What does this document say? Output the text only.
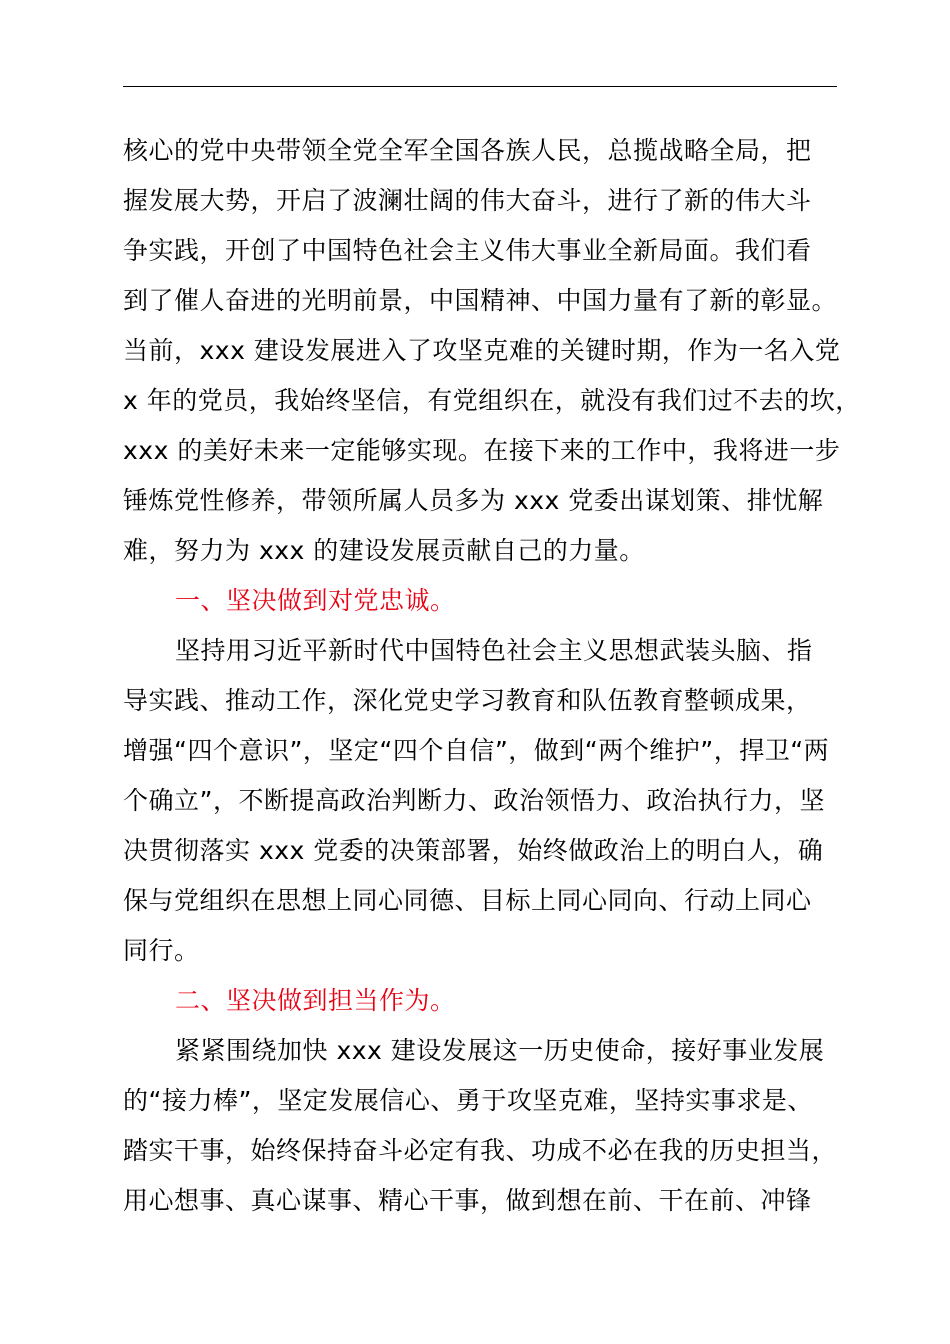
核心的党中央带领全党全军全国各族人民，总揽战略全局，把
握发展大势，开启了波澜壮阔的伟大奋斗，进行了新的伟大斗
争实践，开创了中国特色社会主义伟大事业全新局面。我们看
到了催人奋进的光明前景，中国精神、中国力量有了新的彰显。
当前，xxx 建设发展进入了攻坚克难的关键时期，作为一名入党
x 年的党员，我始终坚信，有党组织在，就没有我们过不去的坎，
xxx 的美好未来一定能够实现。在接下来的工作中，我将进一步
锤炼党性修养，带领所属人员多为 xxx 党委出谋划策、排忧解
难，努力为 xxx 的建设发展贡献自己的力量。
一、坚决做到对党忠诚。
坚持用习近平新时代中国特色社会主义思想武装头脑、指
导实践、推动工作，深化党史学习教育和队伍教育整顿成果，
增强“四个意识”，坚定“四个自信”，做到“两个维护”，捍卫“两
个确立”，不断提高政治判断力、政治领悟力、政治执行力，坚
决贯彻落实 xxx 党委的决策部署，始终做政治上的明白人，确
保与党组织在思想上同心同德、目标上同心同向、行动上同心
同行。
二、坚决做到担当作为。
紧紧围绕加快 xxx 建设发展这一历史使命，接好事业发展
的“接力棒”，坚定发展信心、勇于攻坚克难，坚持实事求是、
踏实干事，始终保持奋斗必定有我、功成不必在我的历史担当，
用心想事、真心谋事、精心干事，做到想在前、干在前、冲锋
